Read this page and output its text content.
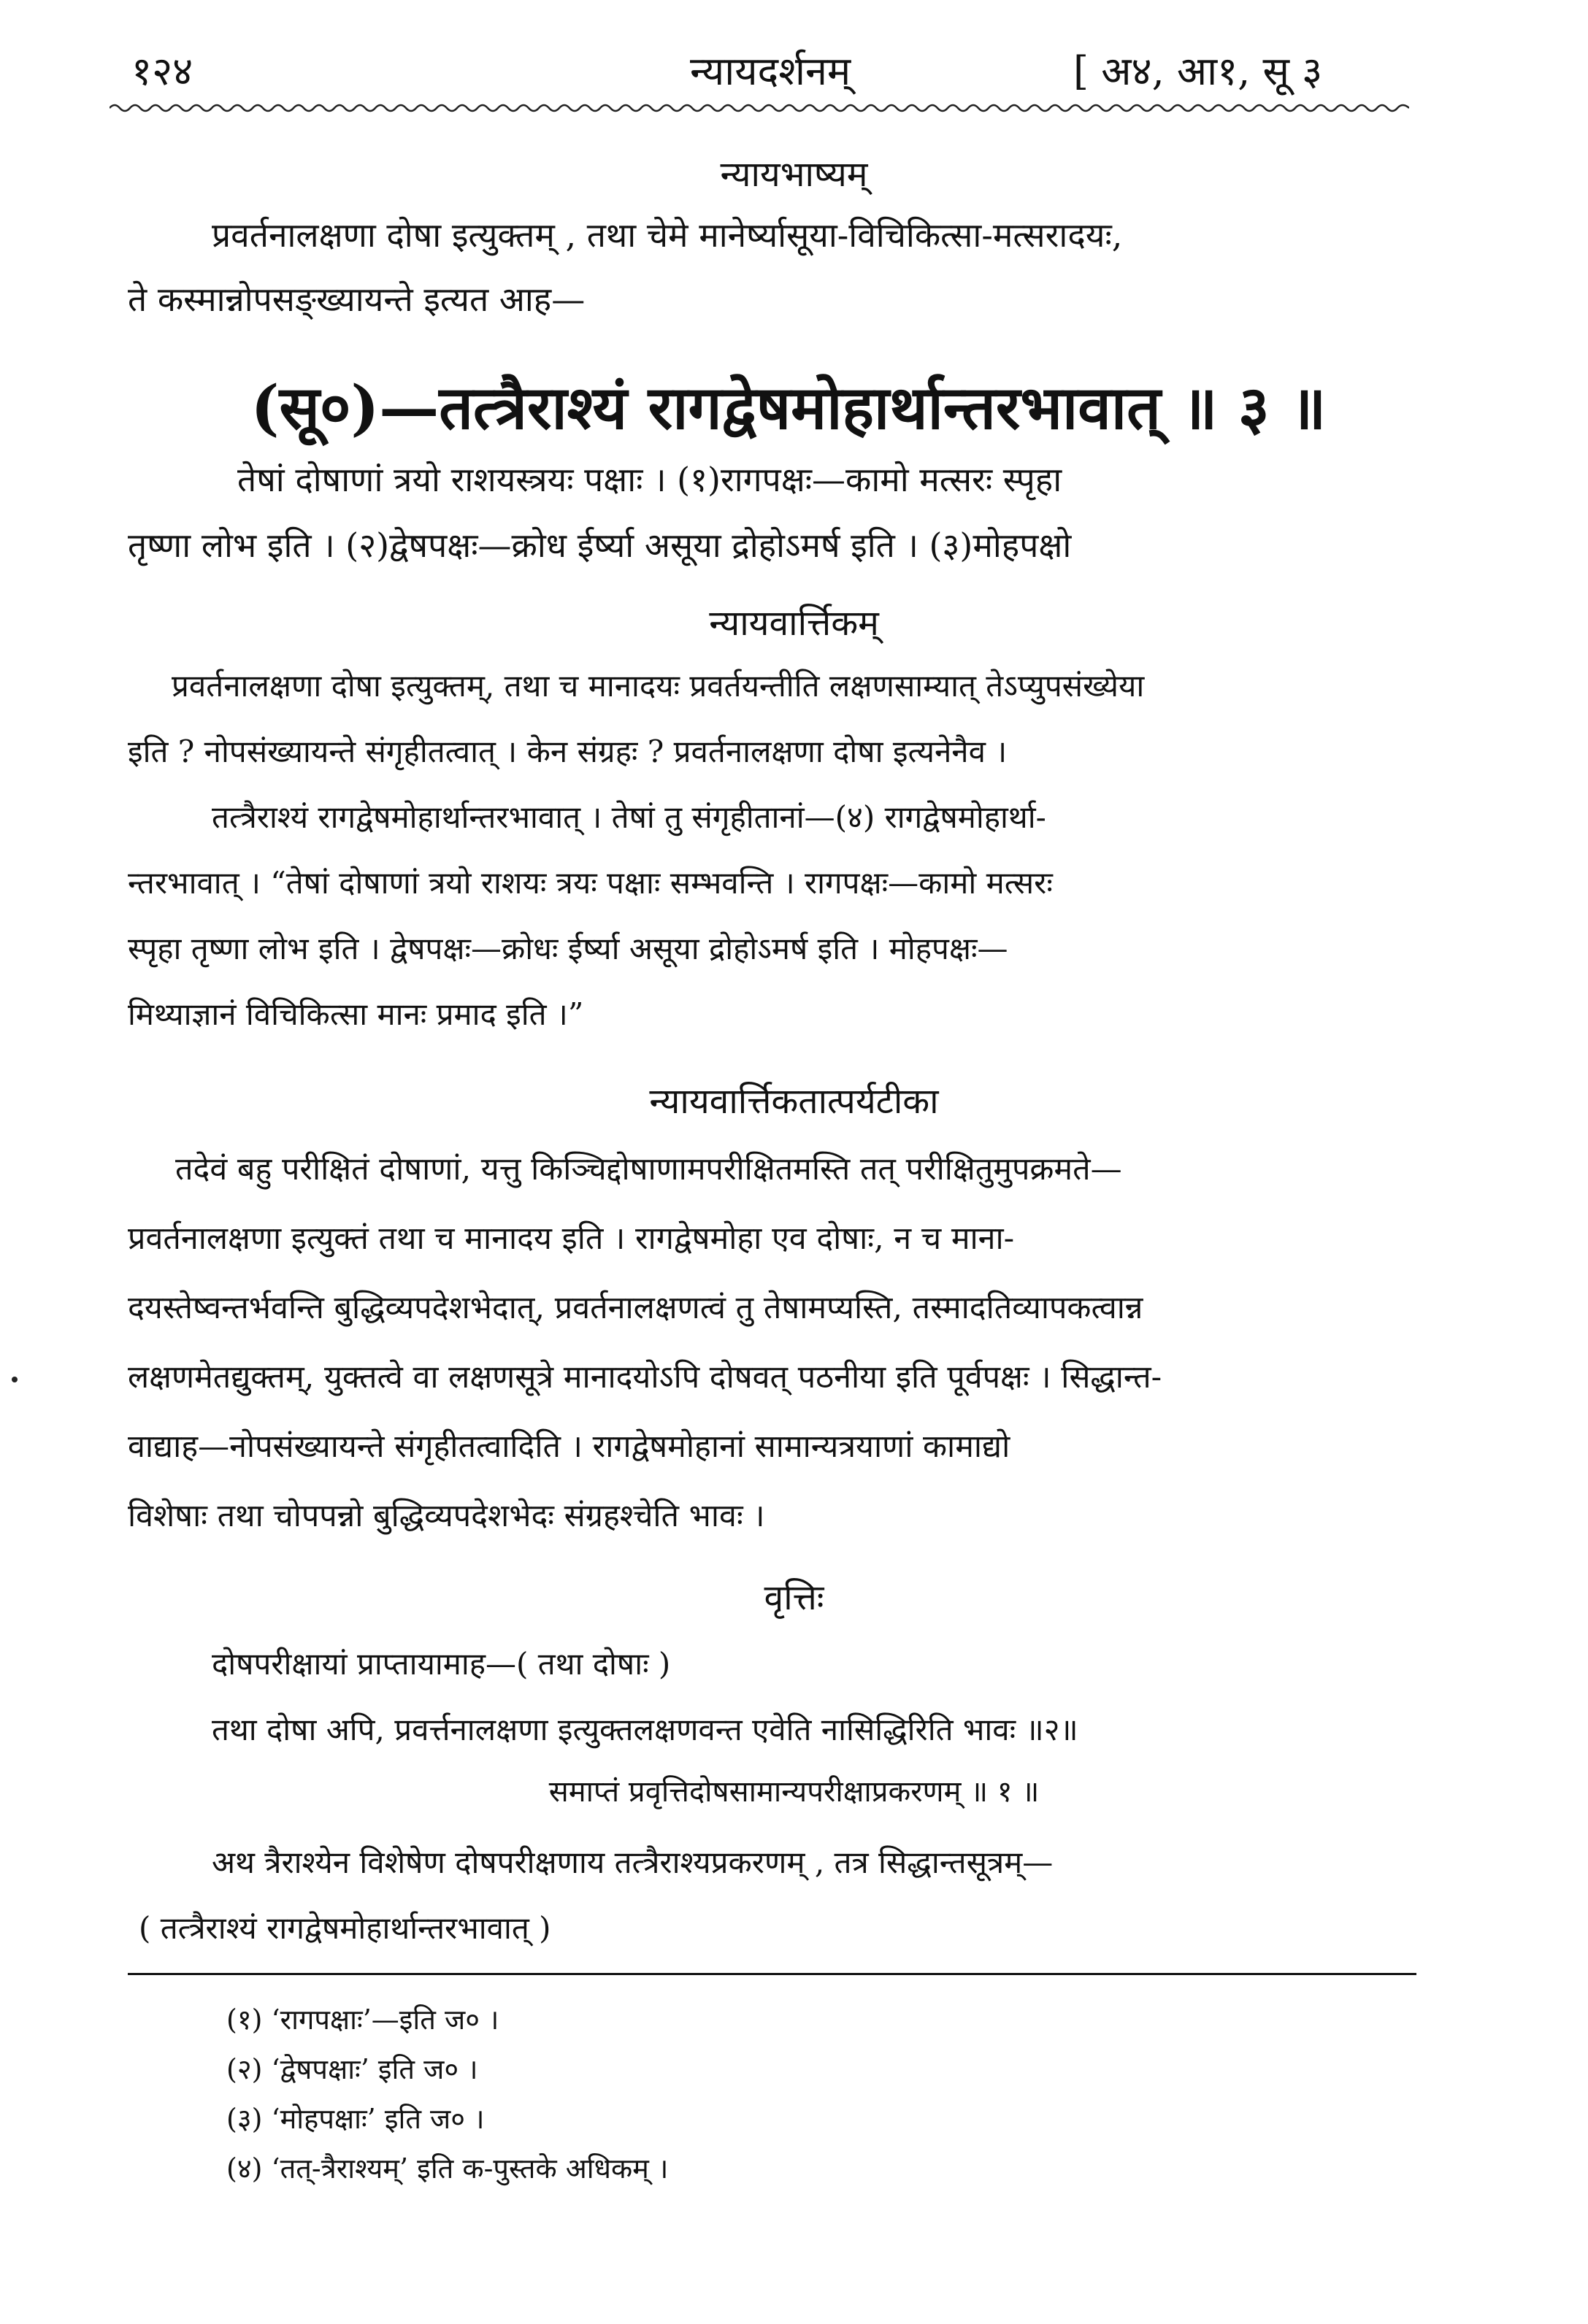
१२४	न्यायदर्शनम्	[ अ४, आ१, सू ३
न्यायभाष्यम्
प्रवर्तनालक्षणा दोषा इत्युक्तम् , तथा चेमे मानेर्ष्यासूया-विचिकित्सा-मत्सरादयः,
ते कस्मान्नोपसङ्ख्यायन्ते इत्यत आह—
(सू०)—तत्त्रैराश्यं रागद्वेषमोहार्थान्तरभावात् ॥ ३ ॥
तेषां दोषाणां त्रयो राशयस्त्रयः पक्षाः । (१)रागपक्षः—कामो मत्सरः स्पृहा
तृष्णा लोभ इति । (२)द्वेषपक्षः—क्रोध ईर्ष्या असूया द्रोहोऽमर्ष इति । (३)मोहपक्षो
न्यायवार्त्तिकम्
प्रवर्तनालक्षणा दोषा इत्युक्तम्, तथा च मानादयः प्रवर्तयन्तीति लक्षणसाम्यात् तेऽप्युपसंख्येया
इति ? नोपसंख्यायन्ते संगृहीतत्वात् । केन संग्रहः ? प्रवर्तनालक्षणा दोषा इत्यनेनैव ।
तत्त्रैराश्यं रागद्वेषमोहार्थान्तरभावात् । तेषां तु संगृहीतानां—(४) रागद्वेषमोहार्था-
न्तरभावात् । “तेषां दोषाणां त्रयो राशयः त्रयः पक्षाः सम्भवन्ति । रागपक्षः—कामो मत्सरः
स्पृहा तृष्णा लोभ इति । द्वेषपक्षः—क्रोधः ईर्ष्या असूया द्रोहोऽमर्ष इति । मोहपक्षः—
मिथ्याज्ञानं विचिकित्सा मानः प्रमाद इति ।”
न्यायवार्त्तिकतात्पर्यटीका
तदेवं बहु परीक्षितं दोषाणां, यत्तु किञ्चिद्दोषाणामपरीक्षितमस्ति तत् परीक्षितुमुपक्रमते—
प्रवर्तनालक्षणा इत्युक्तं तथा च मानादय इति । रागद्वेषमोहा एव दोषाः, न च माना-
दयस्तेष्वन्तर्भवन्ति बुद्धिव्यपदेशभेदात्, प्रवर्तनालक्षणत्वं तु तेषामप्यस्ति, तस्मादतिव्यापकत्वान्न
लक्षणमेतद्युक्तम्, युक्तत्वे वा लक्षणसूत्रे मानादयोऽपि दोषवत् पठनीया इति पूर्वपक्षः । सिद्धान्त-
वाद्याह—नोपसंख्यायन्ते संगृहीतत्वादिति । रागद्वेषमोहानां सामान्यत्रयाणां कामाद्यो
विशेषाः तथा चोपपन्नो बुद्धिव्यपदेशभेदः संग्रहश्चेति भावः ।
वृत्तिः
दोषपरीक्षायां प्राप्तायामाह—( तथा दोषाः )
तथा दोषा अपि, प्रवर्त्तनालक्षणा इत्युक्तलक्षणवन्त एवेति नासिद्धिरिति भावः ॥२॥
समाप्तं प्रवृत्तिदोषसामान्यपरीक्षाप्रकरणम् ॥ १ ॥
अथ त्रैराश्येन विशेषेण दोषपरीक्षणाय तत्त्रैराश्यप्रकरणम् , तत्र सिद्धान्तसूत्रम्—
( तत्त्रैराश्यं रागद्वेषमोहार्थान्तरभावात् )
(१) ‘रागपक्षाः’—इति ज० ।
(२) ‘द्वेषपक्षाः’ इति ज० ।
(३) ‘मोहपक्षाः’ इति ज० ।
(४) ‘तत्-त्रैराश्यम्’ इति क-पुस्तके अधिकम् ।
